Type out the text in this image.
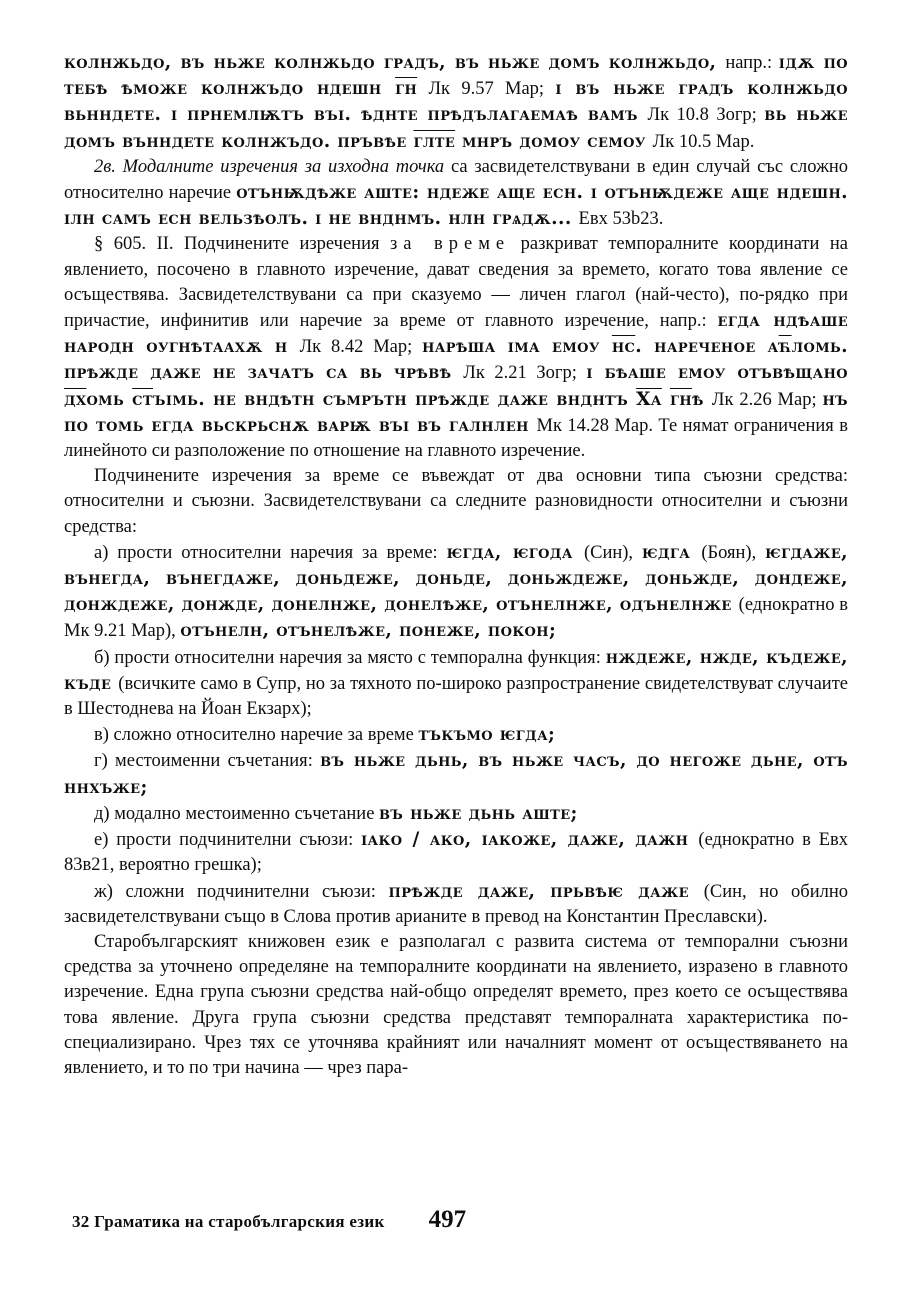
колнжьдо, въ ньже колнжьдо градъ, въ ньже домъ колнжьдо, напр.: ідѫ по тебѣ ѣможе колнжъдо ндешн гн Лк 9.57 Мар; і въ ньже градъ колнжьдо вьнндете. і прнемлѭтъ въі. ѣднте прѣдълагаемаѣ вамъ Лк 10.8 Зогр; вь ньже домъ вънндете колнжъдо. пръвѣе глте мнръ домоу семоу Лк 10.5 Мар.

2в. Модалните изречения за изходна точка са засвидетелствувани в един случай със сложно относително наречие отънѭдѣже аште: ндеже аще есн. і отънѭдеже аще ндешн. ілн самъ есн вельзѣолъ. і не внднмъ. нлн грѧдѫ... Евх 53b23.

§ 605. II. Подчинените изречения за време разкриват темпоралните координати на явлението, посочено в главното изречение, дават сведения за времето, когато това явление се осъществява. Засвидетелствувани са при сказуемо — личен глагол (най-често), по-рядко при причастие, инфинитив или наречие за време от главното изречение, напр.: егда ндѣаше народн оугнѣтаахѫ н Лк 8.42 Мар; нарѣша іма емоу нс. нареченое аћломь. прѣжде даже не зачатъ са вь чрѣвѣ Лк 2.21 Зогр; і бѣаше емоу отъвѣщано дхомь стъімь. не вндѣтн съмрътн прѣжде даже внднтъ Ха гнѣ Лк 2.26 Мар; нъ по томь егда вьскрьснѫ варѭ въі въ галнлен Мк 14.28 Мар. Те нямат ограничения в линейното си разположение по отношение на главното изречение.

Подчинените изречения за време се въвеждат от два основни типа съюзни средства: относителни и съюзни. Засвидетелствувани са следните разновидности относителни и съюзни средства:

а) прости относителни наречия за време: ѥгда, ѥгода (Син), ѥдга (Боян), ѥгдаже, вънегда, вънегдаже, доньдеже, доньде, доньждеже, доньжде, дондеже, донждеже, донжде, донелнже, донелѣже, отънелнже, одънелнже (еднократно в Мк 9.21 Мар), отънелн, отънелѣже, понеже, покон;

б) прости относителни наречия за място с темпорална функция: нждеже, нжде, къдеже, къде (всичките само в Супр, но за тяхното по-широко разпространение свидетелствуват случаите в Шестоднева на Йоан Екзарх);

в) сложно относително наречие за време тъкъмо ѥгда;

г) местоименни съчетания: въ ньже дьнь, въ ньже часъ, до негоже дьне, отъ ннхъже;

д) модално местоименно съчетание въ ньже дьнь аште;

е) прости подчинителни съюзи: ıако / ако, ıакоже, даже, дажн (еднократно в Евх 83в21, вероятно грешка);

ж) сложни подчинителни съюзи: прѣжде даже, прьвѣѥ даже (Син, но обилно засвидетелствувани също в Слова против арианите в превод на Константин Преславски).

Старобългарският книжовен език е разполагал с развита система от темпорални съюзни средства за уточнено определяне на темпоралните координати на явлението, изразено в главното изречение. Една група съюзни средства най-общо определят времето, през което се осъществява това явление. Друга група съюзни средства представят темпоралната характеристика по-специализирано. Чрез тях се уточнява крайният или началният момент от осъществяването на явлението, и то по три начина — чрез пара-

32 Граматика на старобългарския език 497
